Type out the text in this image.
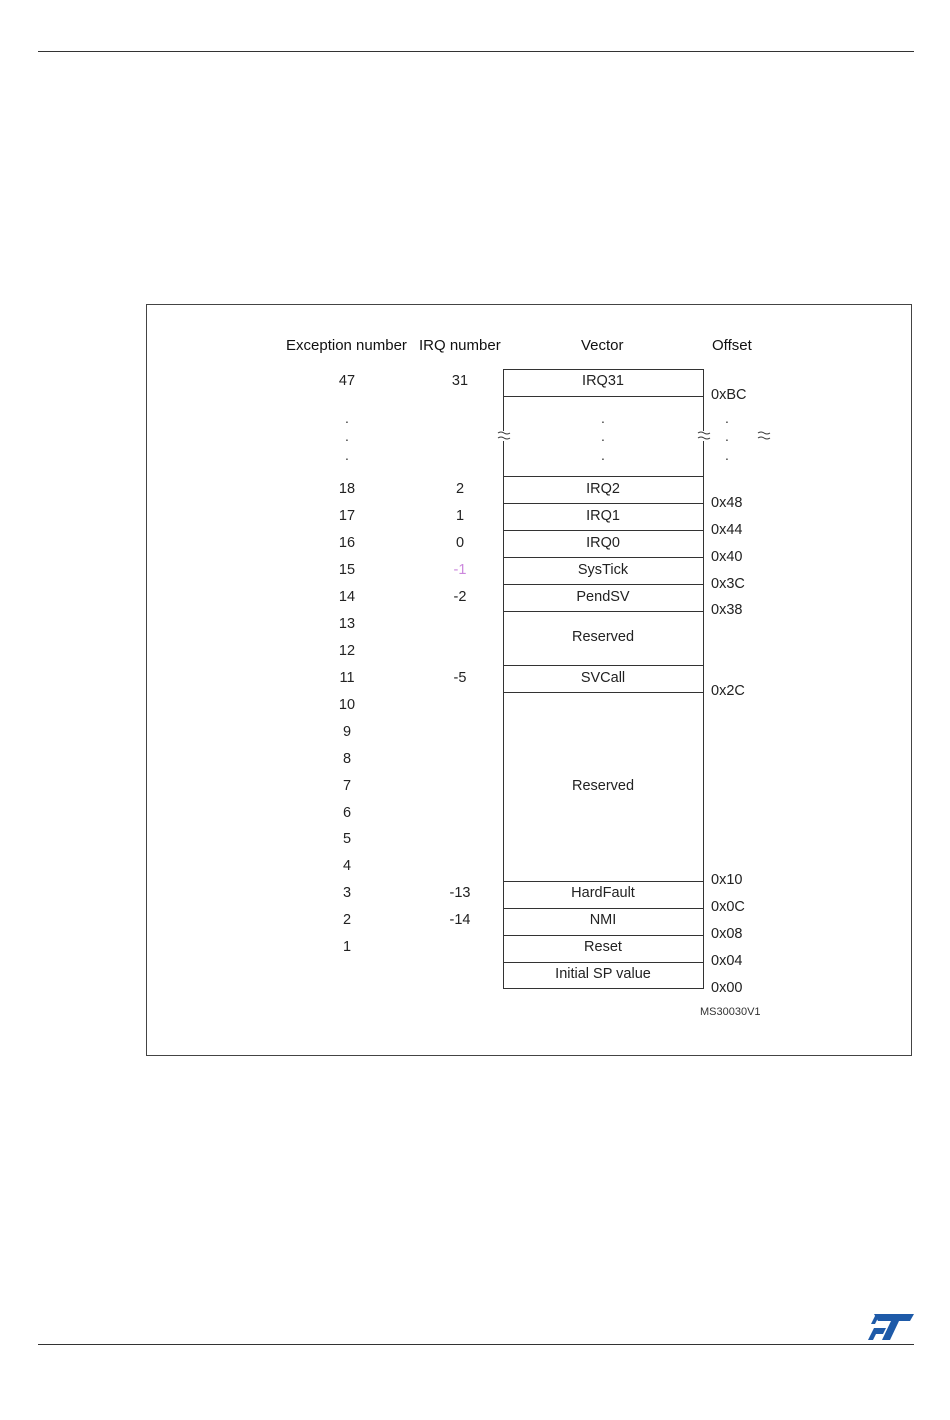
Exception number IRQ number	Vector	Offset
47
18
17
16
15
14
13
12
11
10
9
8
7
6
5
4
3
2
1
31
2
1
0
-1
-2
-5
-13
-14
.
.
.
.
.
.
.
.
.
IRQ31
IRQ2
IRQ1
IRQ0
SysTick
PendSV
Reserved
SVCall
Reserved
HardFault
NMI
Reset
Initial SP value
0xBC
0x48
0x44
0x40
0x3C
0x38
0x2C
0x10
0x0C
0x08
0x04
0x00
MS30030V1
